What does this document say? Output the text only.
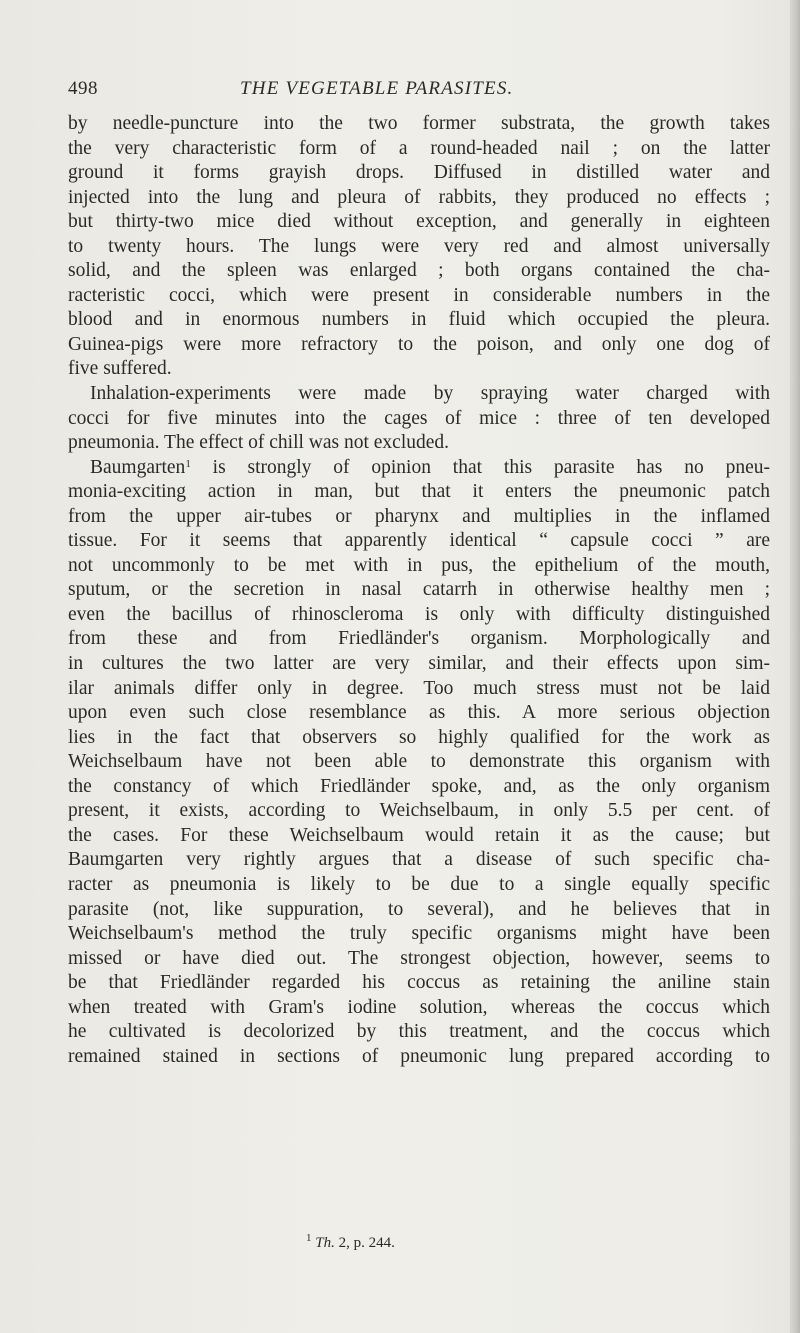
498	THE VEGETABLE PARASITES.
by needle-puncture into the two former substrata, the growth takes
the very characteristic form of a round-headed nail ; on the latter
ground it forms grayish drops. Diffused in distilled water and
injected into the lung and pleura of rabbits, they produced no effects ;
but thirty-two mice died without exception, and generally in eighteen
to twenty hours. The lungs were very red and almost universally
solid, and the spleen was enlarged ; both organs contained the cha-
racteristic cocci, which were present in considerable numbers in the
blood and in enormous numbers in fluid which occupied the pleura.
Guinea-pigs were more refractory to the poison, and only one dog of
five suffered.
Inhalation-experiments were made by spraying water charged with
cocci for five minutes into the cages of mice : three of ten developed
pneumonia. The effect of chill was not excluded.
Baumgarten$^1$ is strongly of opinion that this parasite has no pneu-
monia-exciting action in man, but that it enters the pneumonic patch
from the upper air-tubes or pharynx and multiplies in the inflamed
tissue. For it seems that apparently identical “ capsule cocci ” are
not uncommonly to be met with in pus, the epithelium of the mouth,
sputum, or the secretion in nasal catarrh in otherwise healthy men ;
even the bacillus of rhinoscleroma is only with difficulty distinguished
from these and from Friedländer's organism. Morphologically and
in cultures the two latter are very similar, and their effects upon sim-
ilar animals differ only in degree. Too much stress must not be laid
upon even such close resemblance as this. A more serious objection
lies in the fact that observers so highly qualified for the work as
Weichselbaum have not been able to demonstrate this organism with
the constancy of which Friedländer spoke, and, as the only organism
present, it exists, according to Weichselbaum, in only 5.5 per cent. of
the cases. For these Weichselbaum would retain it as the cause; but
Baumgarten very rightly argues that a disease of such specific cha-
racter as pneumonia is likely to be due to a single equally specific
parasite (not, like suppuration, to several), and he believes that in
Weichselbaum's method the truly specific organisms might have been
missed or have died out. The strongest objection, however, seems to
be that Friedländer regarded his coccus as retaining the aniline stain
when treated with Gram's iodine solution, whereas the coccus which
he cultivated is decolorized by this treatment, and the coccus which
remained stained in sections of pneumonic lung prepared according to
$^1$ Th. 2, p. 244.
